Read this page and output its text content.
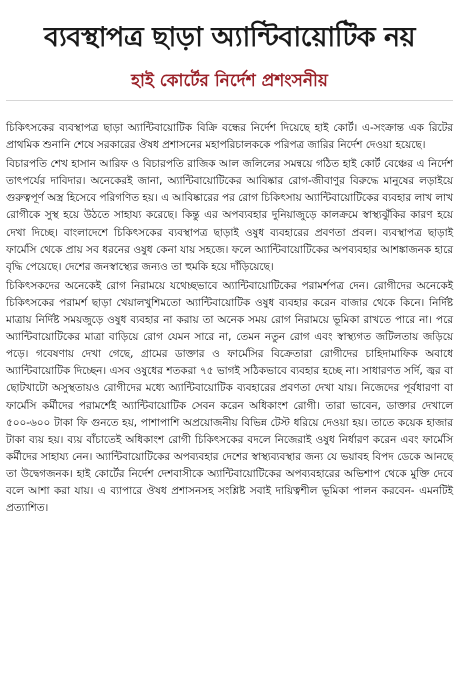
ব্যবস্থাপত্র ছাড়া অ্যান্টিবায়োটিক নয়
হাই কোর্টের নির্দেশ প্রশংসনীয়

চিকিৎসকের ব্যবস্থাপত্র ছাড়া অ্যান্টিবায়োটিক বিক্রি বন্ধের নির্দেশ দিয়েছে হাই কোর্ট। এ-সংক্রান্ত এক রিটের প্রাথমিক শুনানি শেষে সরকারের ঔষধ প্রশাসনের মহাপরিচালককে পরিপত্র জারির নির্দেশ দেওয়া হয়েছে।

বিচারপতি শেখ হাসান আরিফ ও বিচারপতি রাজিক আল জলিলের সমন্বয়ে গঠিত হাই কোর্ট বেঞ্চের এ নির্দেশ তাৎপর্যের দাবিদার। অনেকেরই জানা, অ্যান্টিবায়োটিকের আবিষ্কার রোগ-জীবাণুর বিরুদ্ধে মানুষের লড়াইয়ে গুরুত্বপূর্ণ অস্ত্র হিসেবে পরিগণিত হয়। এ আবিষ্কারের পর রোগ চিকিৎসায় অ্যান্টিবায়োটিকের ব্যবহার লাখ লাখ রোগীকে সুস্থ হয়ে উঠতে সাহায্য করেছে। কিন্তু এর অপব্যবহার দুনিয়াজুড়ে কালক্রমে স্বাস্থ্যঝুঁকির কারণ হয়ে দেখা দিচ্ছে। বাংলাদেশে চিকিৎসকের ব্যবস্থাপত্র ছাড়াই ওষুধ ব্যবহারের প্রবণতা প্রবল। ব্যবস্থাপত্র ছাড়াই ফার্মেসি থেকে প্রায় সব ধরনের ওষুধ কেনা যায় সহজে। ফলে অ্যান্টিবায়োটিকের অপব্যবহার আশঙ্কাজনক হারে বৃদ্ধি পেয়েছে। দেশের জনস্বাস্থ্যের জন্যও তা হুমকি হয়ে দাঁড়িয়েছে।

চিকিৎসকদের অনেকেই রোগ নিরাময়ে যথেচ্ছভাবে অ্যান্টিবায়োটিকের পরামর্শপত্র দেন। রোগীদের অনেকেই চিকিৎসকের পরামর্শ ছাড়া খেয়ালখুশিমতো অ্যান্টিবায়োটিক ওষুধ ব্যবহার করেন বাজার থেকে কিনে। নির্দিষ্ট মাত্রায় নির্দিষ্ট সময়জুড়ে ওষুধ ব্যবহার না করায় তা অনেক সময় রোগ নিরাময়ে ভূমিকা রাখতে পারে না। পরে অ্যান্টিবায়োটিকের মাত্রা বাড়িয়ে রোগ যেমন সারে না, তেমন নতুন রোগ এবং স্বাস্থ্যগত জটিলতায় জড়িয়ে পড়ে। গবেষণায় দেখা গেছে, গ্রামের ডাক্তার ও ফার্মেসির বিক্রেতারা রোগীদের চাহিদামাফিক অবাধে অ্যান্টিবায়োটিক দিচ্ছেন। এসব ওষুধের শতকরা ৭৫ ভাগই সঠিকভাবে ব্যবহার হচ্ছে না। সাধারণত সর্দি, জ্বর বা ছোটখাটো অসুস্থতায়ও রোগীদের মধ্যে অ্যান্টিবায়োটিক ব্যবহারের প্রবণতা দেখা যায়। নিজেদের পূর্বধারণা বা ফার্মেসি কর্মীদের পরামর্শেই অ্যান্টিবায়োটিক সেবন করেন অধিকাংশ রোগী। তারা ভাবেন, ডাক্তার দেখালে ৫০০-৬০০ টাকা ফি গুনতে হয়, পাশাপাশি অপ্রয়োজনীয় বিভিন্ন টেস্ট ধরিয়ে দেওয়া হয়। তাতে কয়েক হাজার টাকা ব্যয় হয়। ব্যয় বাঁচাতেই অধিকাংশ রোগী চিকিৎসকের বদলে নিজেরাই ওষুধ নির্ধারণ করেন এবং ফার্মেসি কর্মীদের সাহায্য নেন। অ্যান্টিবায়োটিকের অপব্যবহার দেশের স্বাস্থ্যব্যবস্থার জন্য যে ভয়াবহ বিপদ ডেকে আনছে তা উদ্বেগজনক। হাই কোর্টের নির্দেশ দেশবাসীকে অ্যান্টিবায়োটিকের অপব্যবহারের অভিশাপ থেকে মুক্তি দেবে বলে আশা করা যায়। এ ব্যাপারে ঔষধ প্রশাসনসহ সংশ্লিষ্ট সবাই দায়িত্বশীল ভূমিকা পালন করবেন- এমনটিই প্রত্যাশিত।
